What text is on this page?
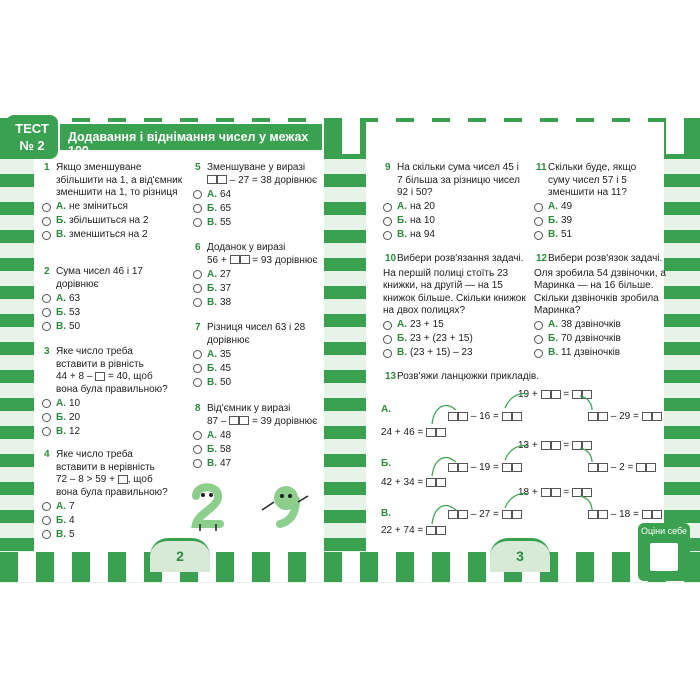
ТЕСТ
№ 2
Додавання і віднімання чисел у межах 100
1 Якщо зменшуване збільшити на 1, а від'ємник зменшити на 1, то різниця
А. не зміниться
Б. збільшиться на 2
В. зменшиться на 2
2 Сума чисел 46 і 17 дорівнює
А. 63
Б. 53
В. 50
3 Яке число треба вставити в рівність
44 + 8 –  = 40, щоб
вона була правильною?
А. 10
Б. 20
В. 12
4 Яке число треба вставити в нерівність
72 – 8 > 59 + , щоб
вона була правильною?
А. 7
Б. 4
В. 5
5 Зменшуване у виразі
– 27 = 38 дорівнює
А. 64
Б. 65
В. 55
6 Доданок у виразі
56 +  = 93 дорівнює
А. 27
Б. 37
В. 38
7 Різниця чисел 63 і 28 дорівнює
А. 35
Б. 45
В. 50
8 Від'ємник у виразі
87 –  = 39 дорівнює
А. 48
Б. 58
В. 47
9 На скільки сума чисел 45 і 7 більша за різницю чисел 92 і 50?
А. на 20
Б. на 10
В. на 94
10 Вибери розв'язання задачі.
На першій полиці стоїть 23 книжки, на другій — на 15 книжок більше. Скільки книжок на двох полицях?
А. 23 + 15
Б. 23 + (23 + 15)
В. (23 + 15) – 23
11 Скільки буде, якщо суму чисел 57 і 5 зменшити на 11?
А. 49
Б. 39
В. 51
12 Вибери розв'язок задачі.
Оля зробила 54 дзвіночки, а Маринка — на 16 більше. Скільки дзвіночків зробила Маринка?
А. 38 дзвіночків
Б. 70 дзвіночків
В. 11 дзвіночків
13 Розв'яжи ланцюжки прикладів.
А.
24 + 46 =
– 16 =
19 +  =
– 29 =
Б.
42 + 34 =
– 19 =
13 +  =
– 2 =
В.
22 + 74 =
– 27 =
18 +  =
– 18 =
2	3
Оціни себе
